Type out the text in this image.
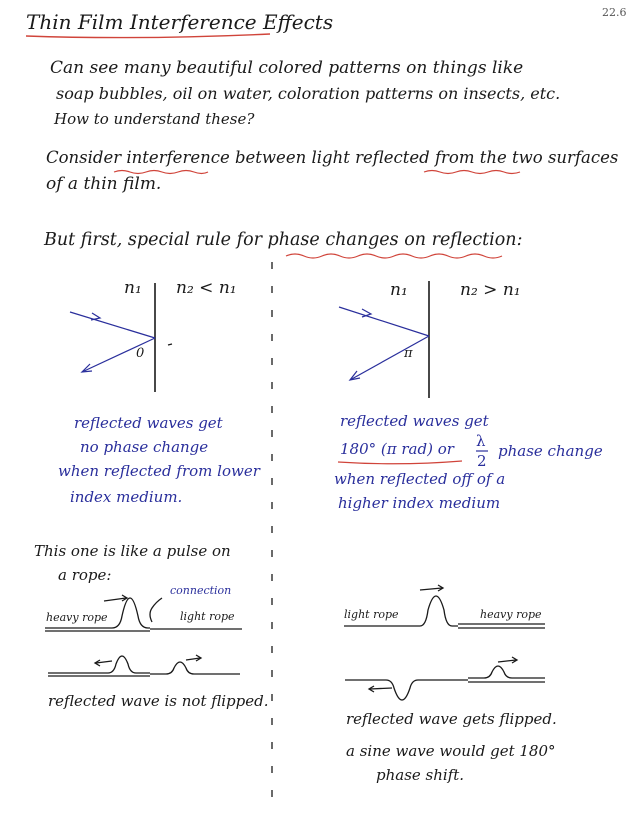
22.6
Thin Film Interference Effects
Can see many beautiful colored patterns on things like
soap bubbles, oil on water, coloration patterns on insects, etc.
How to understand these?
Consider interference between light reflected from the two surfaces
of a thin film.
But first, special rule for phase changes on reflection:
n₁ n₂ < n₁
0
n₁	n₂ > n₁
π
reflected waves get
no phase change
when reflected from lower
index medium.
reflected waves get
180° (π rad) or λ
2
phase change
when reflected off of a
higher index medium
This one is like a pulse on
a rope:
connection
heavy rope	light rope
reflected wave is not flipped.
light rope	heavy rope
reflected wave gets flipped.
a sine wave would get 180°
phase shift.
